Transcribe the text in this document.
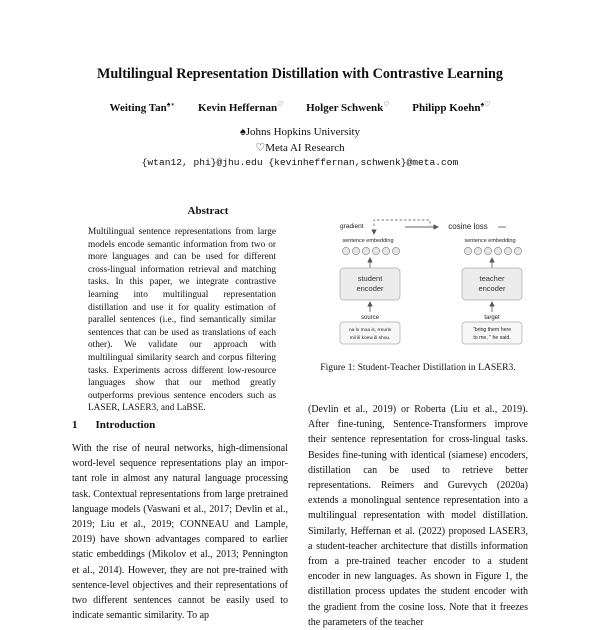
Multilingual Representation Distillation with Contrastive Learning
Weiting Tan♠∗ Kevin Heffernan♡ Holger Schwenk♡ Philipp Koehn♠♡
♠Johns Hopkins University
♡Meta AI Research
{wtan12, phi}@jhu.edu {kevinheffernan,schwenk}@meta.com
Abstract
Multilingual sentence representations from large models encode semantic information from two or more languages and can be used for different cross-lingual information retrieval and matching tasks. In this paper, we integrate contrastive learning into multilingual representation distillation and use it for quality estimation of parallel sentences (i.e., find semantically similar sentences that can be used as translations of each other). We validate our approach with multilingual similarity search and corpus filtering tasks. Experiments across different low-resource languages show that our method greatly outperforms previous sentence encoders such as LASER, LASER3, and LaBSE.
gradient	cosine loss
sentence embedding	sentence embedding
student
encoder
teacher
encoder
source	target
na lo moa is, rreuris
mil ili koew ili shou.
"bring them here
to me, " he said.
Figure 1: Student-Teacher Distillation in LASER3.
1 Introduction
With the rise of neural networks, high-dimensional word-level sequence representations play an important role in almost any natural language processing task. Contextual representations from large pretrained language models (Vaswani et al., 2017; Devlin et al., 2019; Liu et al., 2019; CONNEAU and Lample, 2019) have shown advantages compared to earlier static embeddings (Mikolov et al., 2013; Pennington et al., 2014). However, they are not pre-trained with sentence-level objectives and their representations of two different sentences cannot be easily used to indicate semantic similarity. To ap
(Devlin et al., 2019) or Roberta (Liu et al., 2019). After fine-tuning, Sentence-Transformers improve their sentence representation for cross-lingual tasks. Besides fine-tuning with identical (siamese) encoders, distillation can be used to retrieve better representations. Reimers and Gurevych (2020a) extends a monolingual sentence representation into a multilingual representation with model distillation. Similarly, Heffernan et al. (2022) proposed LASER3, a student-teacher architecture that distills information from a pre-trained teacher encoder to a student encoder in new languages. As shown in Figure 1, the distillation process updates the student encoder with the gradient from the cosine loss. Note that it freezes the parameters of the teacher
